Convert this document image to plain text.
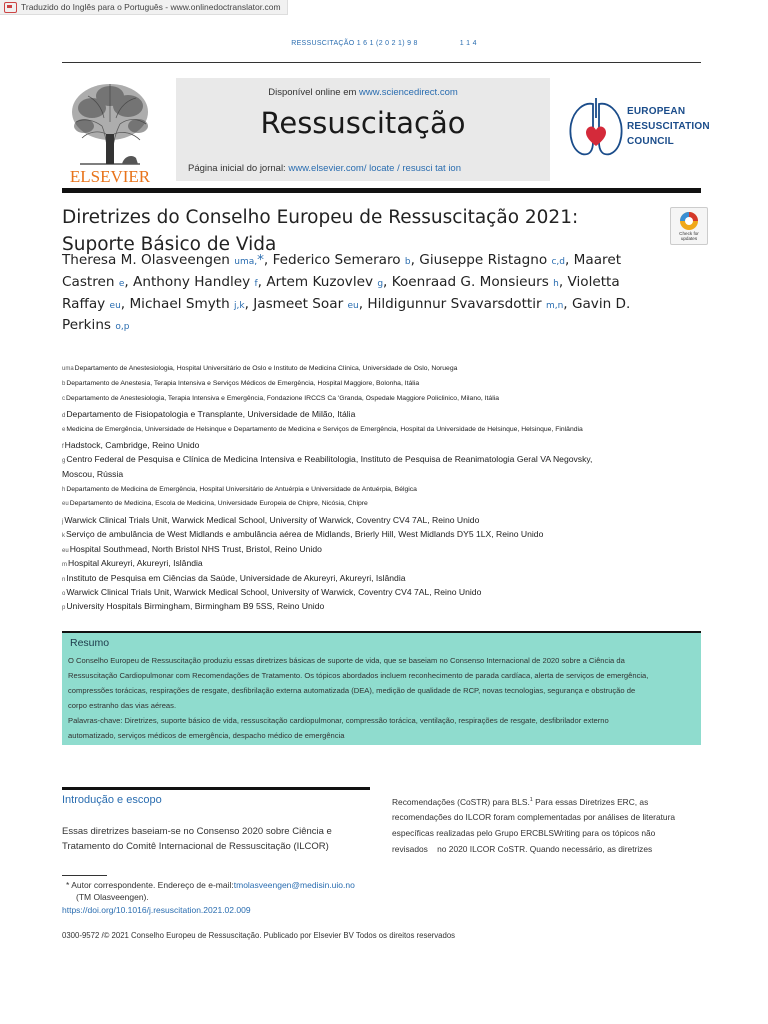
Traduzido do Inglês para o Português - www.onlinedoctranslator.com
RESSUSCITAÇÃO 1 6 1 (2 0 2 1) 9 8	1 1 4
ELSEVIER
Disponível online em www.sciencedirect.com
Ressuscitação
Página inicial do jornal: www.elsevier.com/ locate / resusci tat ion
EUROPEAN
RESUSCITATION
COUNCIL
Diretrizes do Conselho Europeu de Ressuscitação 2021:
Suporte Básico de Vida
Check for
updates
Theresa M. Olasveengen uma,*, Federico Semeraro b, Giuseppe Ristagno c,d, Maaret Castren e, Anthony Handley f, Artem Kuzovlev g, Koenraad G. Monsieurs h, Violetta Raffay eu, Michael Smyth j,k, Jasmeet Soar eu, Hildigunnur Svavarsdottir m,n, Gavin D. Perkins o,p
umaDepartamento de Anestesiologia, Hospital Universitário de Oslo e Instituto de Medicina Clínica, Universidade de Oslo, Noruega
bDepartamento de Anestesia, Terapia Intensiva e Serviços Médicos de Emergência, Hospital Maggiore, Bolonha, Itália
cDepartamento de Anestesiologia, Terapia Intensiva e Emergência, Fondazione IRCCS Ca 'Granda, Ospedale Maggiore Policlinico, Milano, Itália
dDepartamento de Fisiopatologia e Transplante, Universidade de Milão, Itália
eMedicina de Emergência, Universidade de Helsinque e Departamento de Medicina e Serviços de Emergência, Hospital da Universidade de Helsinque, Helsinque, Finlândia
fHadstock, Cambridge, Reino Unido
gCentro Federal de Pesquisa e Clínica de Medicina Intensiva e Reabilitologia, Instituto de Pesquisa de Reanimatologia Geral VA Negovsky,
Moscou, Rússia
hDepartamento de Medicina de Emergência, Hospital Universitário de Antuérpia e Universidade de Antuérpia, Bélgica
euDepartamento de Medicina, Escola de Medicina, Universidade Europeia de Chipre, Nicósia, Chipre
jWarwick Clinical Trials Unit, Warwick Medical School, University of Warwick, Coventry CV4 7AL, Reino Unido
kServiço de ambulância de West Midlands e ambulância aérea de Midlands, Brierly Hill, West Midlands DY5 1LX, Reino Unido
euHospital Southmead, North Bristol NHS Trust, Bristol, Reino Unido
mHospital Akureyri, Akureyri, Islândia
nInstituto de Pesquisa em Ciências da Saúde, Universidade de Akureyri, Akureyri, Islândia
oWarwick Clinical Trials Unit, Warwick Medical School, University of Warwick, Coventry CV4 7AL, Reino Unido
pUniversity Hospitals Birmingham, Birmingham B9 5SS, Reino Unido
Resumo
O Conselho Europeu de Ressuscitação produziu essas diretrizes básicas de suporte de vida, que se baseiam no Consenso Internacional de 2020 sobre a Ciência da
Ressuscitação Cardiopulmonar com Recomendações de Tratamento. Os tópicos abordados incluem reconhecimento de parada cardíaca, alerta de serviços de emergência,
compressões torácicas, respirações de resgate, desfibrilação externa automatizada (DEA), medição de qualidade de RCP, novas tecnologias, segurança e obstrução de
corpo estranho das vias aéreas.
Palavras-chave: Diretrizes, suporte básico de vida, ressuscitação cardiopulmonar, compressão torácica, ventilação, respirações de resgate, desfibrilador externo
automatizado, serviços médicos de emergência, despacho médico de emergência
Introdução e escopo
Essas diretrizes baseiam-se no Consenso 2020 sobre Ciência e
Tratamento do Comitê Internacional de Ressuscitação (ILCOR)
Recomendações (CoSTR) para BLS.$^1$ Para essas Diretrizes ERC, as
recomendações do ILCOR foram complementadas por análises de literatura
específicas realizadas pelo Grupo ERCBLSWriting para os tópicos não
revisados    no 2020 ILCOR CoSTR. Quando necessário, as diretrizes
* Autor correspondente. Endereço de e-mail:tmolasveengen@medisin.uio.no
(TM Olasveengen).
https://doi.org/10.1016/j.resuscitation.2021.02.009
0300-9572 /© 2021 Conselho Europeu de Ressuscitação. Publicado por Elsevier BV Todos os direitos reservados
